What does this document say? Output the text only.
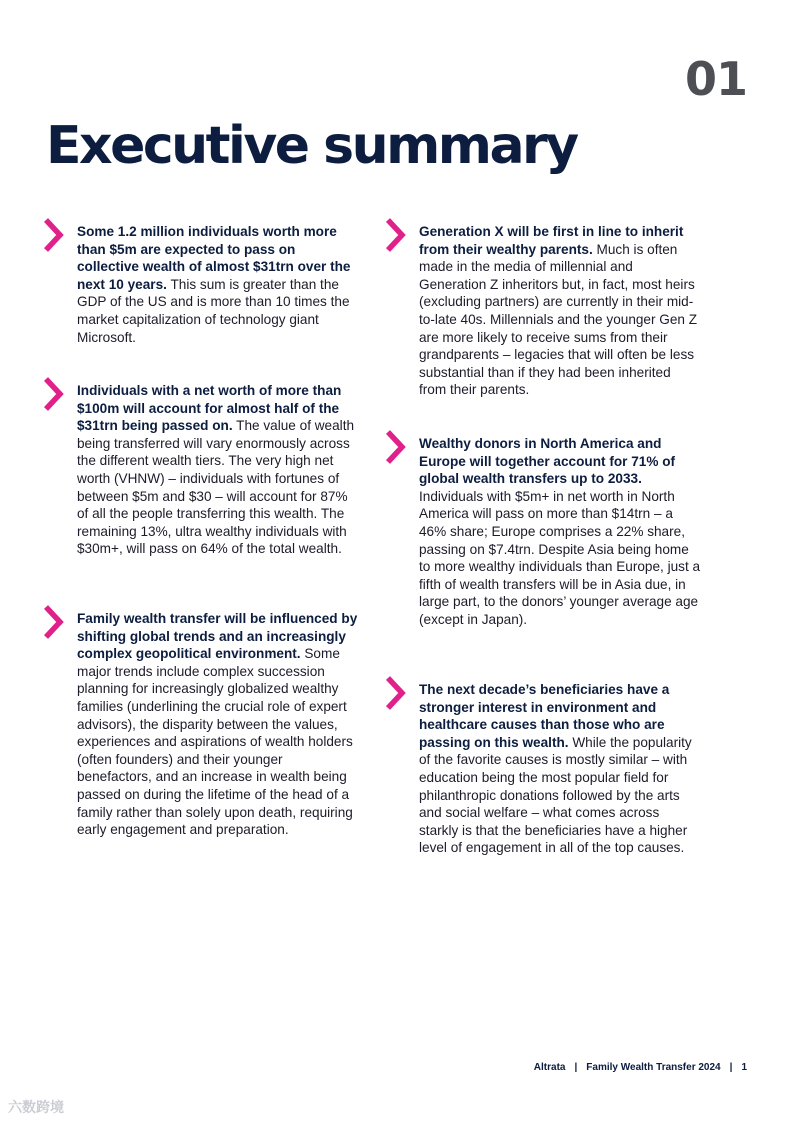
01
Executive summary

Some 1.2 million individuals worth more than $5m are expected to pass on collective wealth of almost $31trn over the next 10 years. This sum is greater than the GDP of the US and is more than 10 times the market capitalization of technology giant Microsoft.

Individuals with a net worth of more than $100m will account for almost half of the $31trn being passed on. The value of wealth being transferred will vary enormously across the different wealth tiers. The very high net worth (VHNW) – individuals with fortunes of between $5m and $30 – will account for 87% of all the people transferring this wealth. The remaining 13%, ultra wealthy individuals with $30m+, will pass on 64% of the total wealth.

Family wealth transfer will be influenced by shifting global trends and an increasingly complex geopolitical environment. Some major trends include complex succession planning for increasingly globalized wealthy families (underlining the crucial role of expert advisors), the disparity between the values, experiences and aspirations of wealth holders (often founders) and their younger benefactors, and an increase in wealth being passed on during the lifetime of the head of a family rather than solely upon death, requiring early engagement and preparation.

Generation X will be first in line to inherit from their wealthy parents. Much is often made in the media of millennial and Generation Z inheritors but, in fact, most heirs (excluding partners) are currently in their mid-to-late 40s. Millennials and the younger Gen Z are more likely to receive sums from their grandparents – legacies that will often be less substantial than if they had been inherited from their parents.

Wealthy donors in North America and Europe will together account for 71% of global wealth transfers up to 2033. Individuals with $5m+ in net worth in North America will pass on more than $14trn – a 46% share; Europe comprises a 22% share, passing on $7.4trn. Despite Asia being home to more wealthy individuals than Europe, just a fifth of wealth transfers will be in Asia due, in large part, to the donors’ younger average age (except in Japan).

The next decade’s beneficiaries have a stronger interest in environment and healthcare causes than those who are passing on this wealth. While the popularity of the favorite causes is mostly similar – with education being the most popular field for philanthropic donations followed by the arts and social welfare – what comes across starkly is that the beneficiaries have a higher level of engagement in all of the top causes.

Altrata | Family Wealth Transfer 2024 | 1
六数跨境
